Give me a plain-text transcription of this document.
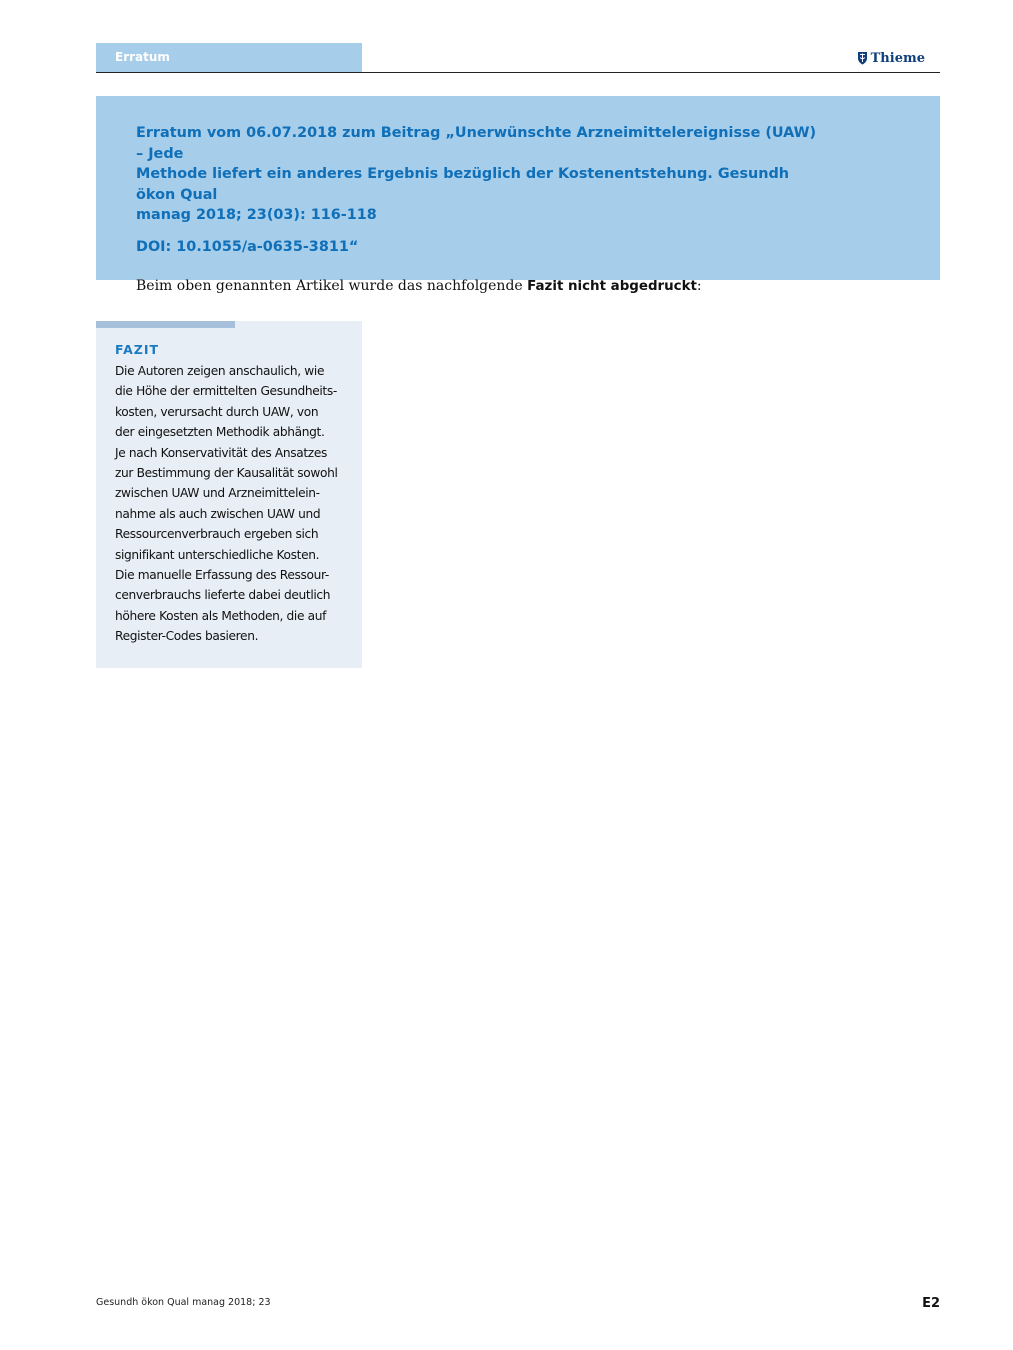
Erratum	Thieme

Erratum vom 06.07.2018 zum Beitrag „Unerwünschte Arzneimittelereignisse (UAW) – Jede
Methode liefert ein anderes Ergebnis bezüglich der Kostenentstehung. Gesundh ökon Qual
manag 2018; 23(03): 116-118

DOI: 10.1055/a-0635-3811“

Beim oben genannten Artikel wurde das nachfolgende Fazit nicht abgedruckt:

FAZIT
Die Autoren zeigen anschaulich, wie
die Höhe der ermittelten Gesundheits-
kosten, verursacht durch UAW, von
der eingesetzten Methodik abhängt.
Je nach Konservativität des Ansatzes
zur Bestimmung der Kausalität sowohl
zwischen UAW und Arzneimittelein-
nahme als auch zwischen UAW und
Ressourcenverbrauch ergeben sich
signifikant unterschiedliche Kosten.
Die manuelle Erfassung des Ressour-
cenverbrauchs lieferte dabei deutlich
höhere Kosten als Methoden, die auf
Register-Codes basieren.
Gesundh ökon Qual manag 2018; 23	E2
